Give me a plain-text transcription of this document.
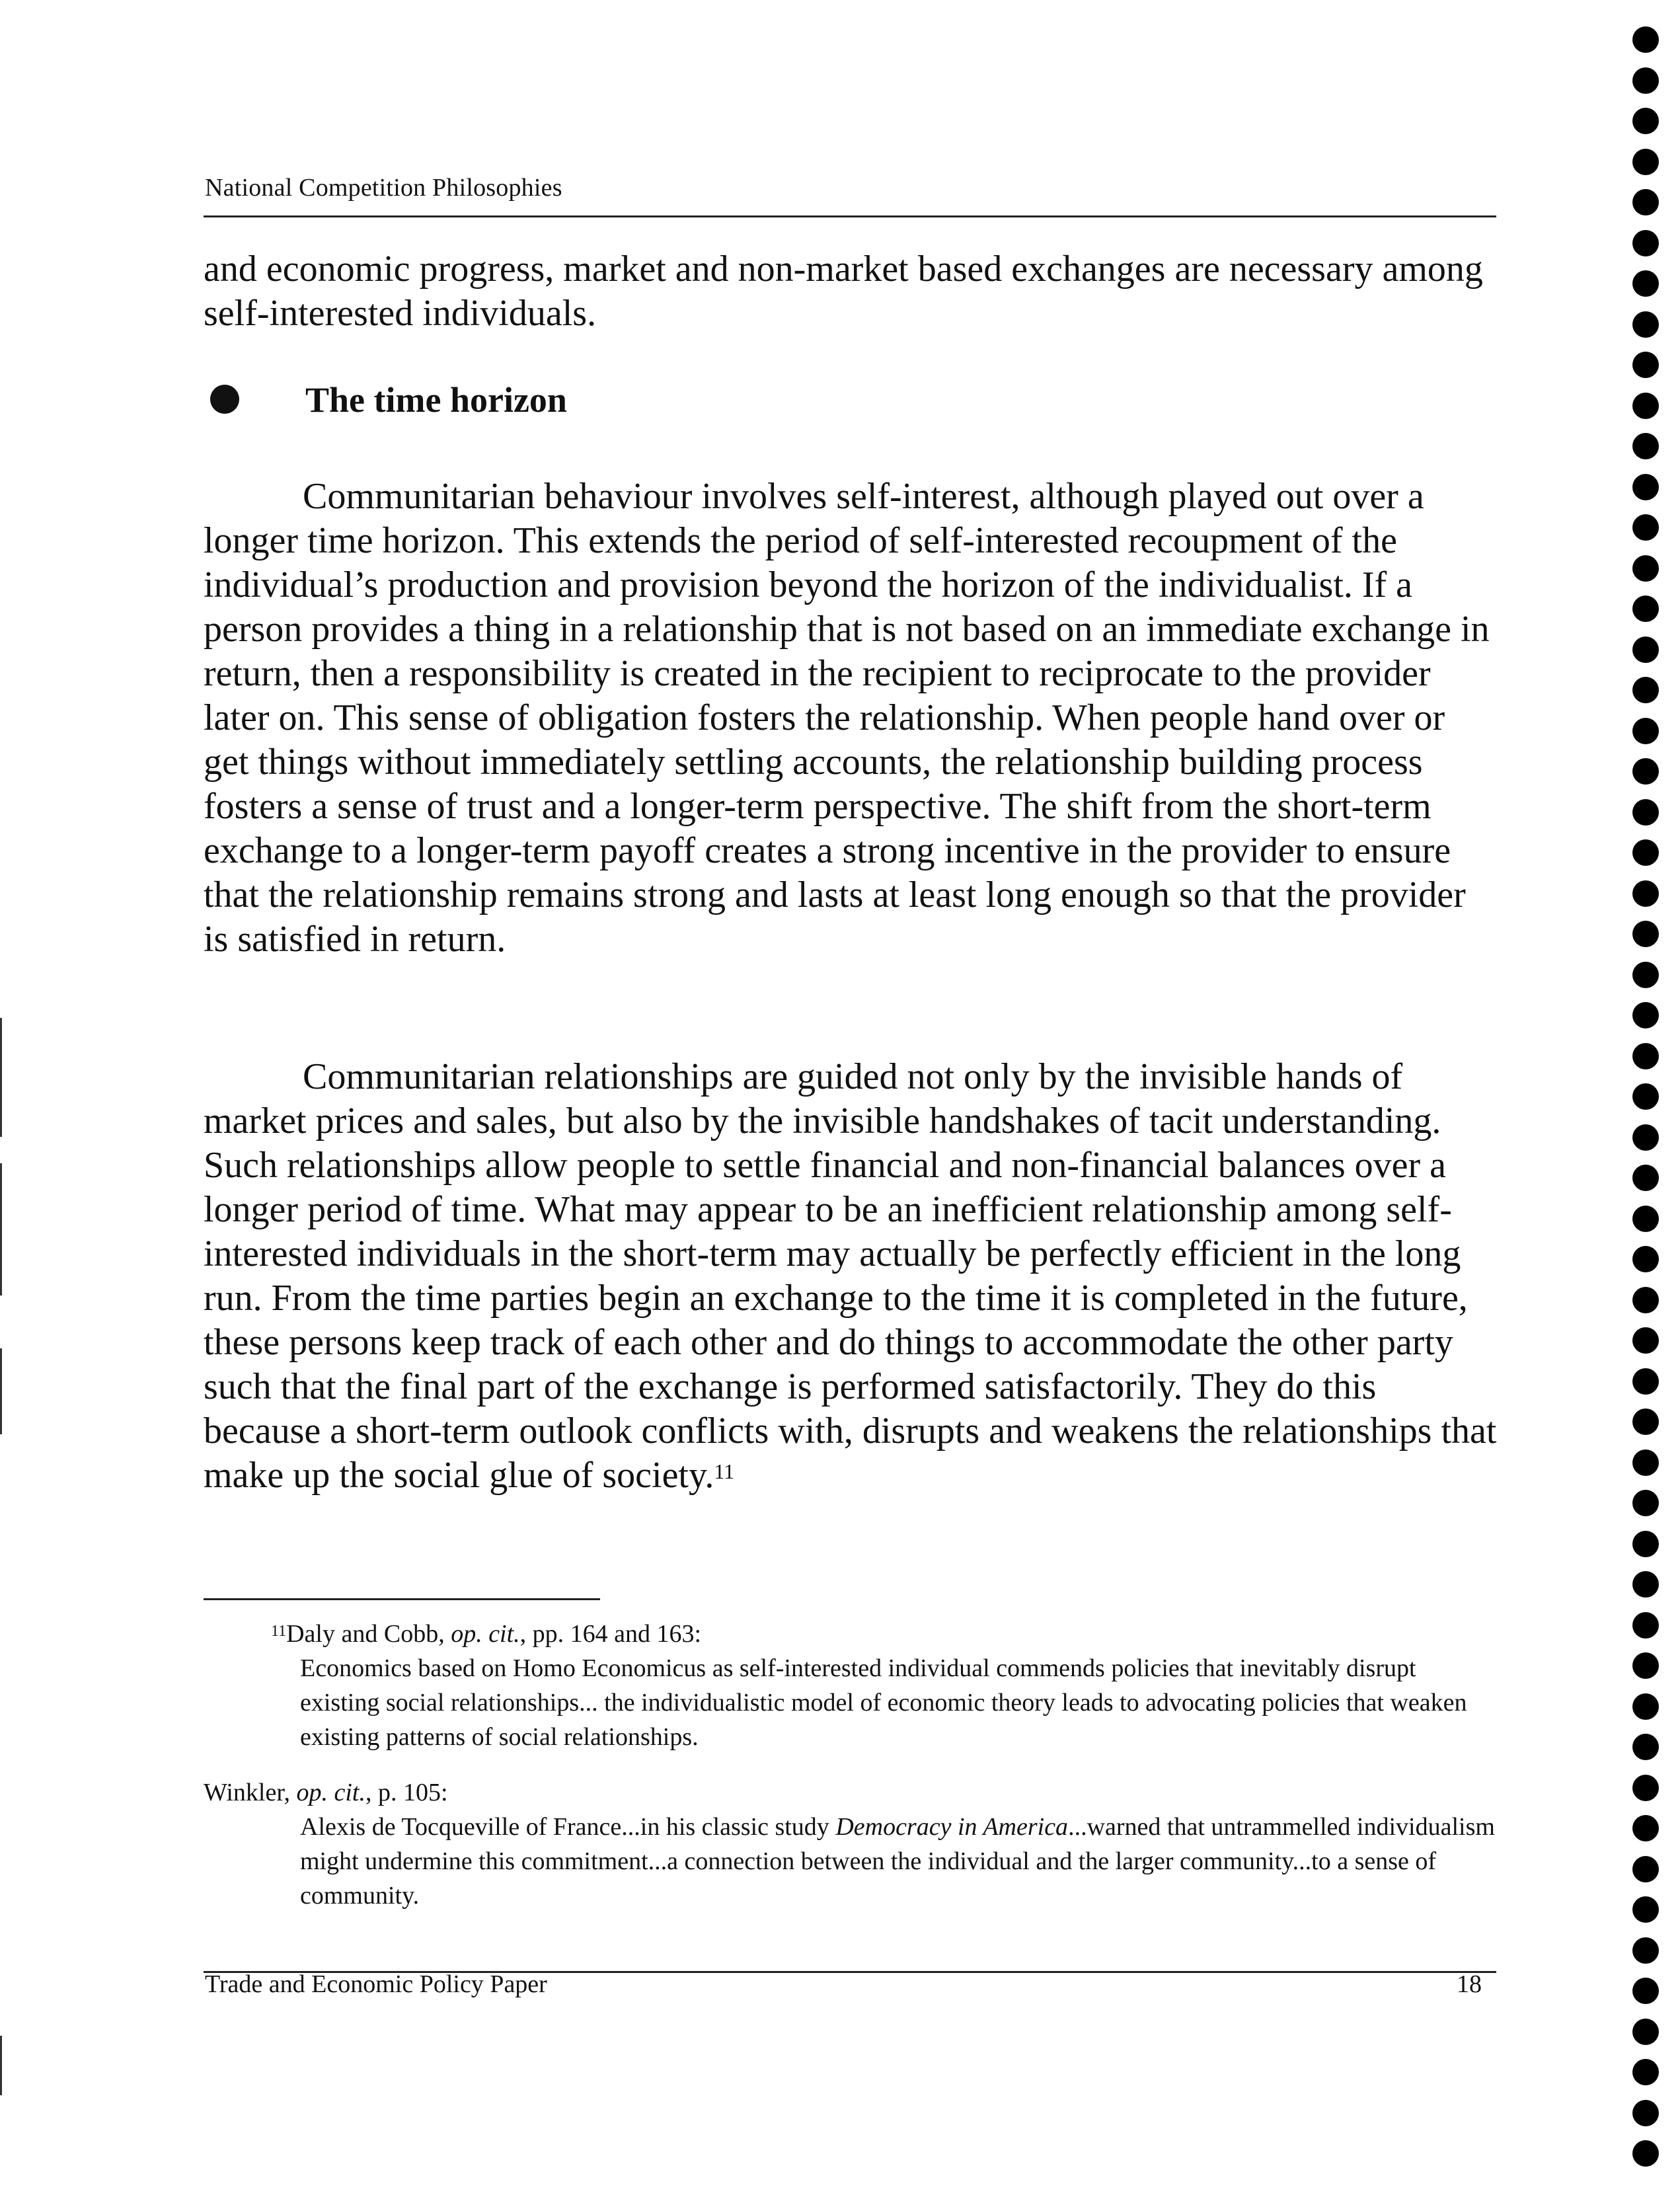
National Competition Philosophies

and economic progress, market and non-market based exchanges are necessary among self-interested individuals.

The time horizon

Communitarian behaviour involves self-interest, although played out over a longer time horizon. This extends the period of self-interested recoupment of the individual’s production and provision beyond the horizon of the individualist. If a person provides a thing in a relationship that is not based on an immediate exchange in return, then a responsibility is created in the recipient to reciprocate to the provider later on. This sense of obligation fosters the relationship. When people hand over or get things without immediately settling accounts, the relationship building process fosters a sense of trust and a longer-term perspective. The shift from the short-term exchange to a longer-term payoff creates a strong incentive in the provider to ensure that the relationship remains strong and lasts at least long enough so that the provider is satisfied in return.

Communitarian relationships are guided not only by the invisible hands of market prices and sales, but also by the invisible handshakes of tacit understanding. Such relationships allow people to settle financial and non-financial balances over a longer period of time. What may appear to be an inefficient relationship among self-interested individuals in the short-term may actually be perfectly efficient in the long run. From the time parties begin an exchange to the time it is completed in the future, these persons keep track of each other and do things to accommodate the other party such that the final part of the exchange is performed satisfactorily. They do this because a short-term outlook conflicts with, disrupts and weakens the relationships that make up the social glue of society.$^{11}$

$^{11}$Daly and Cobb, op. cit., pp. 164 and 163:

Economics based on Homo Economicus as self-interested individual commends policies that inevitably disrupt existing social relationships... the individualistic model of economic theory leads to advocating policies that weaken existing patterns of social relationships.

Winkler, op. cit., p. 105:

Alexis de Tocqueville of France...in his classic study Democracy in America...warned that untrammelled individualism might undermine this commitment...a connection between the individual and the larger community...to a sense of community.

Trade and Economic Policy Paper	18
